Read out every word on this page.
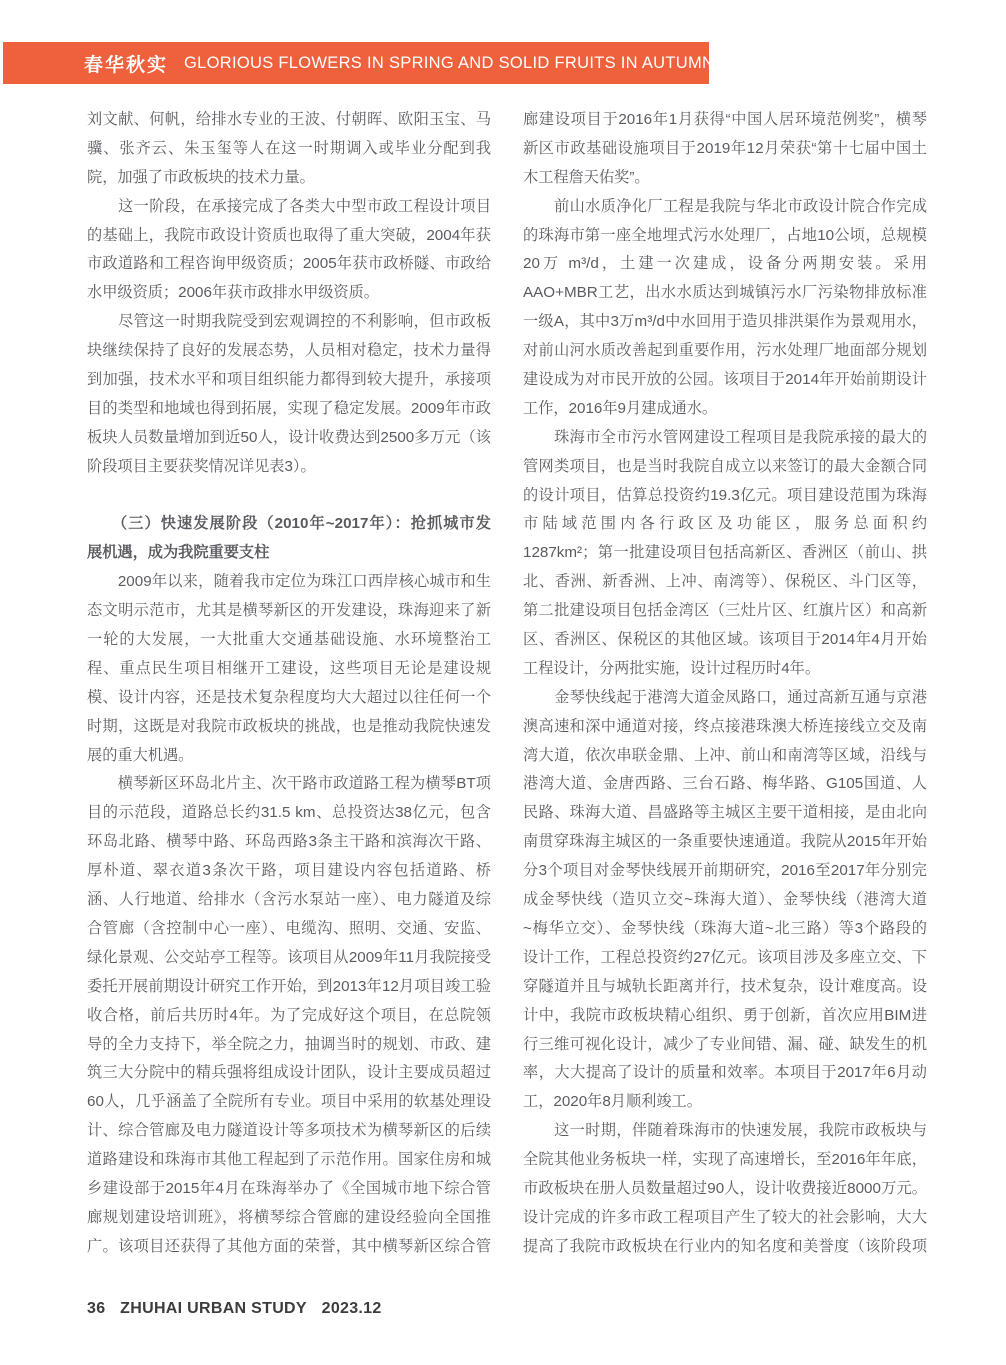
春华秋实 GLORIOUS FLOWERS IN SPRING AND SOLID FRUITS IN AUTUMN
刘文献、何帆，给排水专业的王波、付朝晖、欧阳玉宝、马
骥、张齐云、朱玉玺等人在这一时期调入或毕业分配到我
院，加强了市政板块的技术力量。
　　这一阶段，在承接完成了各类大中型市政工程设计项目
的基础上，我院市政设计资质也取得了重大突破，2004年获
市政道路和工程咨询甲级资质；2005年获市政桥隧、市政给
水甲级资质；2006年获市政排水甲级资质。
　　尽管这一时期我院受到宏观调控的不利影响，但市政板
块继续保持了良好的发展态势，人员相对稳定，技术力量得
到加强，技术水平和项目组织能力都得到较大提升，承接项
目的类型和地域也得到拓展，实现了稳定发展。2009年市政
板块人员数量增加到近50人，设计收费达到2500多万元（该
阶段项目主要获奖情况详见表3）。
　　（三）快速发展阶段（2010年~2017年）：抢抓城市发
展机遇，成为我院重要支柱
　　2009年以来，随着我市定位为珠江口西岸核心城市和生
态文明示范市，尤其是横琴新区的开发建设，珠海迎来了新
一轮的大发展，一大批重大交通基础设施、水环境整治工
程、重点民生项目相继开工建设，这些项目无论是建设规
模、设计内容，还是技术复杂程度均大大超过以往任何一个
时期，这既是对我院市政板块的挑战，也是推动我院快速发
展的重大机遇。
　　横琴新区环岛北片主、次干路市政道路工程为横琴BT项
目的示范段，道路总长约31.5 km、总投资达38亿元，包含
环岛北路、横琴中路、环岛西路3条主干路和滨海次干路、
厚朴道、翠衣道3条次干路，项目建设内容包括道路、桥
涵、人行地道、给排水（含污水泵站一座）、电力隧道及综
合管廊（含控制中心一座）、电缆沟、照明、交通、安监、
绿化景观、公交站亭工程等。该项目从2009年11月我院接受
委托开展前期设计研究工作开始，到2013年12月项目竣工验
收合格，前后共历时4年。为了完成好这个项目，在总院领
导的全力支持下，举全院之力，抽调当时的规划、市政、建
筑三大分院中的精兵强将组成设计团队，设计主要成员超过
60人，几乎涵盖了全院所有专业。项目中采用的软基处理设
计、综合管廊及电力隧道设计等多项技术为横琴新区的后续
道路建设和珠海市其他工程起到了示范作用。国家住房和城
乡建设部于2015年4月在珠海举办了《全国城市地下综合管
廊规划建设培训班》，将横琴综合管廊的建设经验向全国推
广。该项目还获得了其他方面的荣誉，其中横琴新区综合管
廊建设项目于2016年1月获得“中国人居环境范例奖”，横琴
新区市政基础设施项目于2019年12月荣获“第十七届中国土
木工程詹天佑奖”。
　　前山水质净化厂工程是我院与华北市政设计院合作完成
的珠海市第一座全地埋式污水处理厂，占地10公顷，总规模
20万 m³/d，土建一次建成，设备分两期安装。采用
AAO+MBR工艺，出水水质达到城镇污水厂污染物排放标准
一级A，其中3万m³/d中水回用于造贝排洪渠作为景观用水，
对前山河水质改善起到重要作用，污水处理厂地面部分规划
建设成为对市民开放的公园。该项目于2014年开始前期设计
工作，2016年9月建成通水。
　　珠海市全市污水管网建设工程项目是我院承接的最大的
管网类项目，也是当时我院自成立以来签订的最大金额合同
的设计项目，估算总投资约19.3亿元。项目建设范围为珠海
市陆域范围内各行政区及功能区，服务总面积约
1287km²；第一批建设项目包括高新区、香洲区（前山、拱
北、香洲、新香洲、上冲、南湾等）、保税区、斗门区等，
第二批建设项目包括金湾区（三灶片区、红旗片区）和高新
区、香洲区、保税区的其他区域。该项目于2014年4月开始
工程设计，分两批实施，设计过程历时4年。
　　金琴快线起于港湾大道金凤路口，通过高新互通与京港
澳高速和深中通道对接，终点接港珠澳大桥连接线立交及南
湾大道，依次串联金鼎、上冲、前山和南湾等区域，沿线与
港湾大道、金唐西路、三台石路、梅华路、G105国道、人
民路、珠海大道、昌盛路等主城区主要干道相接，是由北向
南贯穿珠海主城区的一条重要快速通道。我院从2015年开始
分3个项目对金琴快线展开前期研究，2016至2017年分别完
成金琴快线（造贝立交~珠海大道）、金琴快线（港湾大道
~梅华立交）、金琴快线（珠海大道~北三路）等3个路段的
设计工作，工程总投资约27亿元。该项目涉及多座立交、下
穿隧道并且与城轨长距离并行，技术复杂，设计难度高。设
计中，我院市政板块精心组织、勇于创新，首次应用BIM进
行三维可视化设计，减少了专业间错、漏、碰、缺发生的机
率，大大提高了设计的质量和效率。本项目于2017年6月动
工，2020年8月顺利竣工。
　　这一时期，伴随着珠海市的快速发展，我院市政板块与
全院其他业务板块一样，实现了高速增长，至2016年年底，
市政板块在册人员数量超过90人，设计收费接近8000万元。
设计完成的许多市政工程项目产生了较大的社会影响，大大
提高了我院市政板块在行业内的知名度和美誉度（该阶段项
36 ZHUHAI URBAN STUDY 2023.12
